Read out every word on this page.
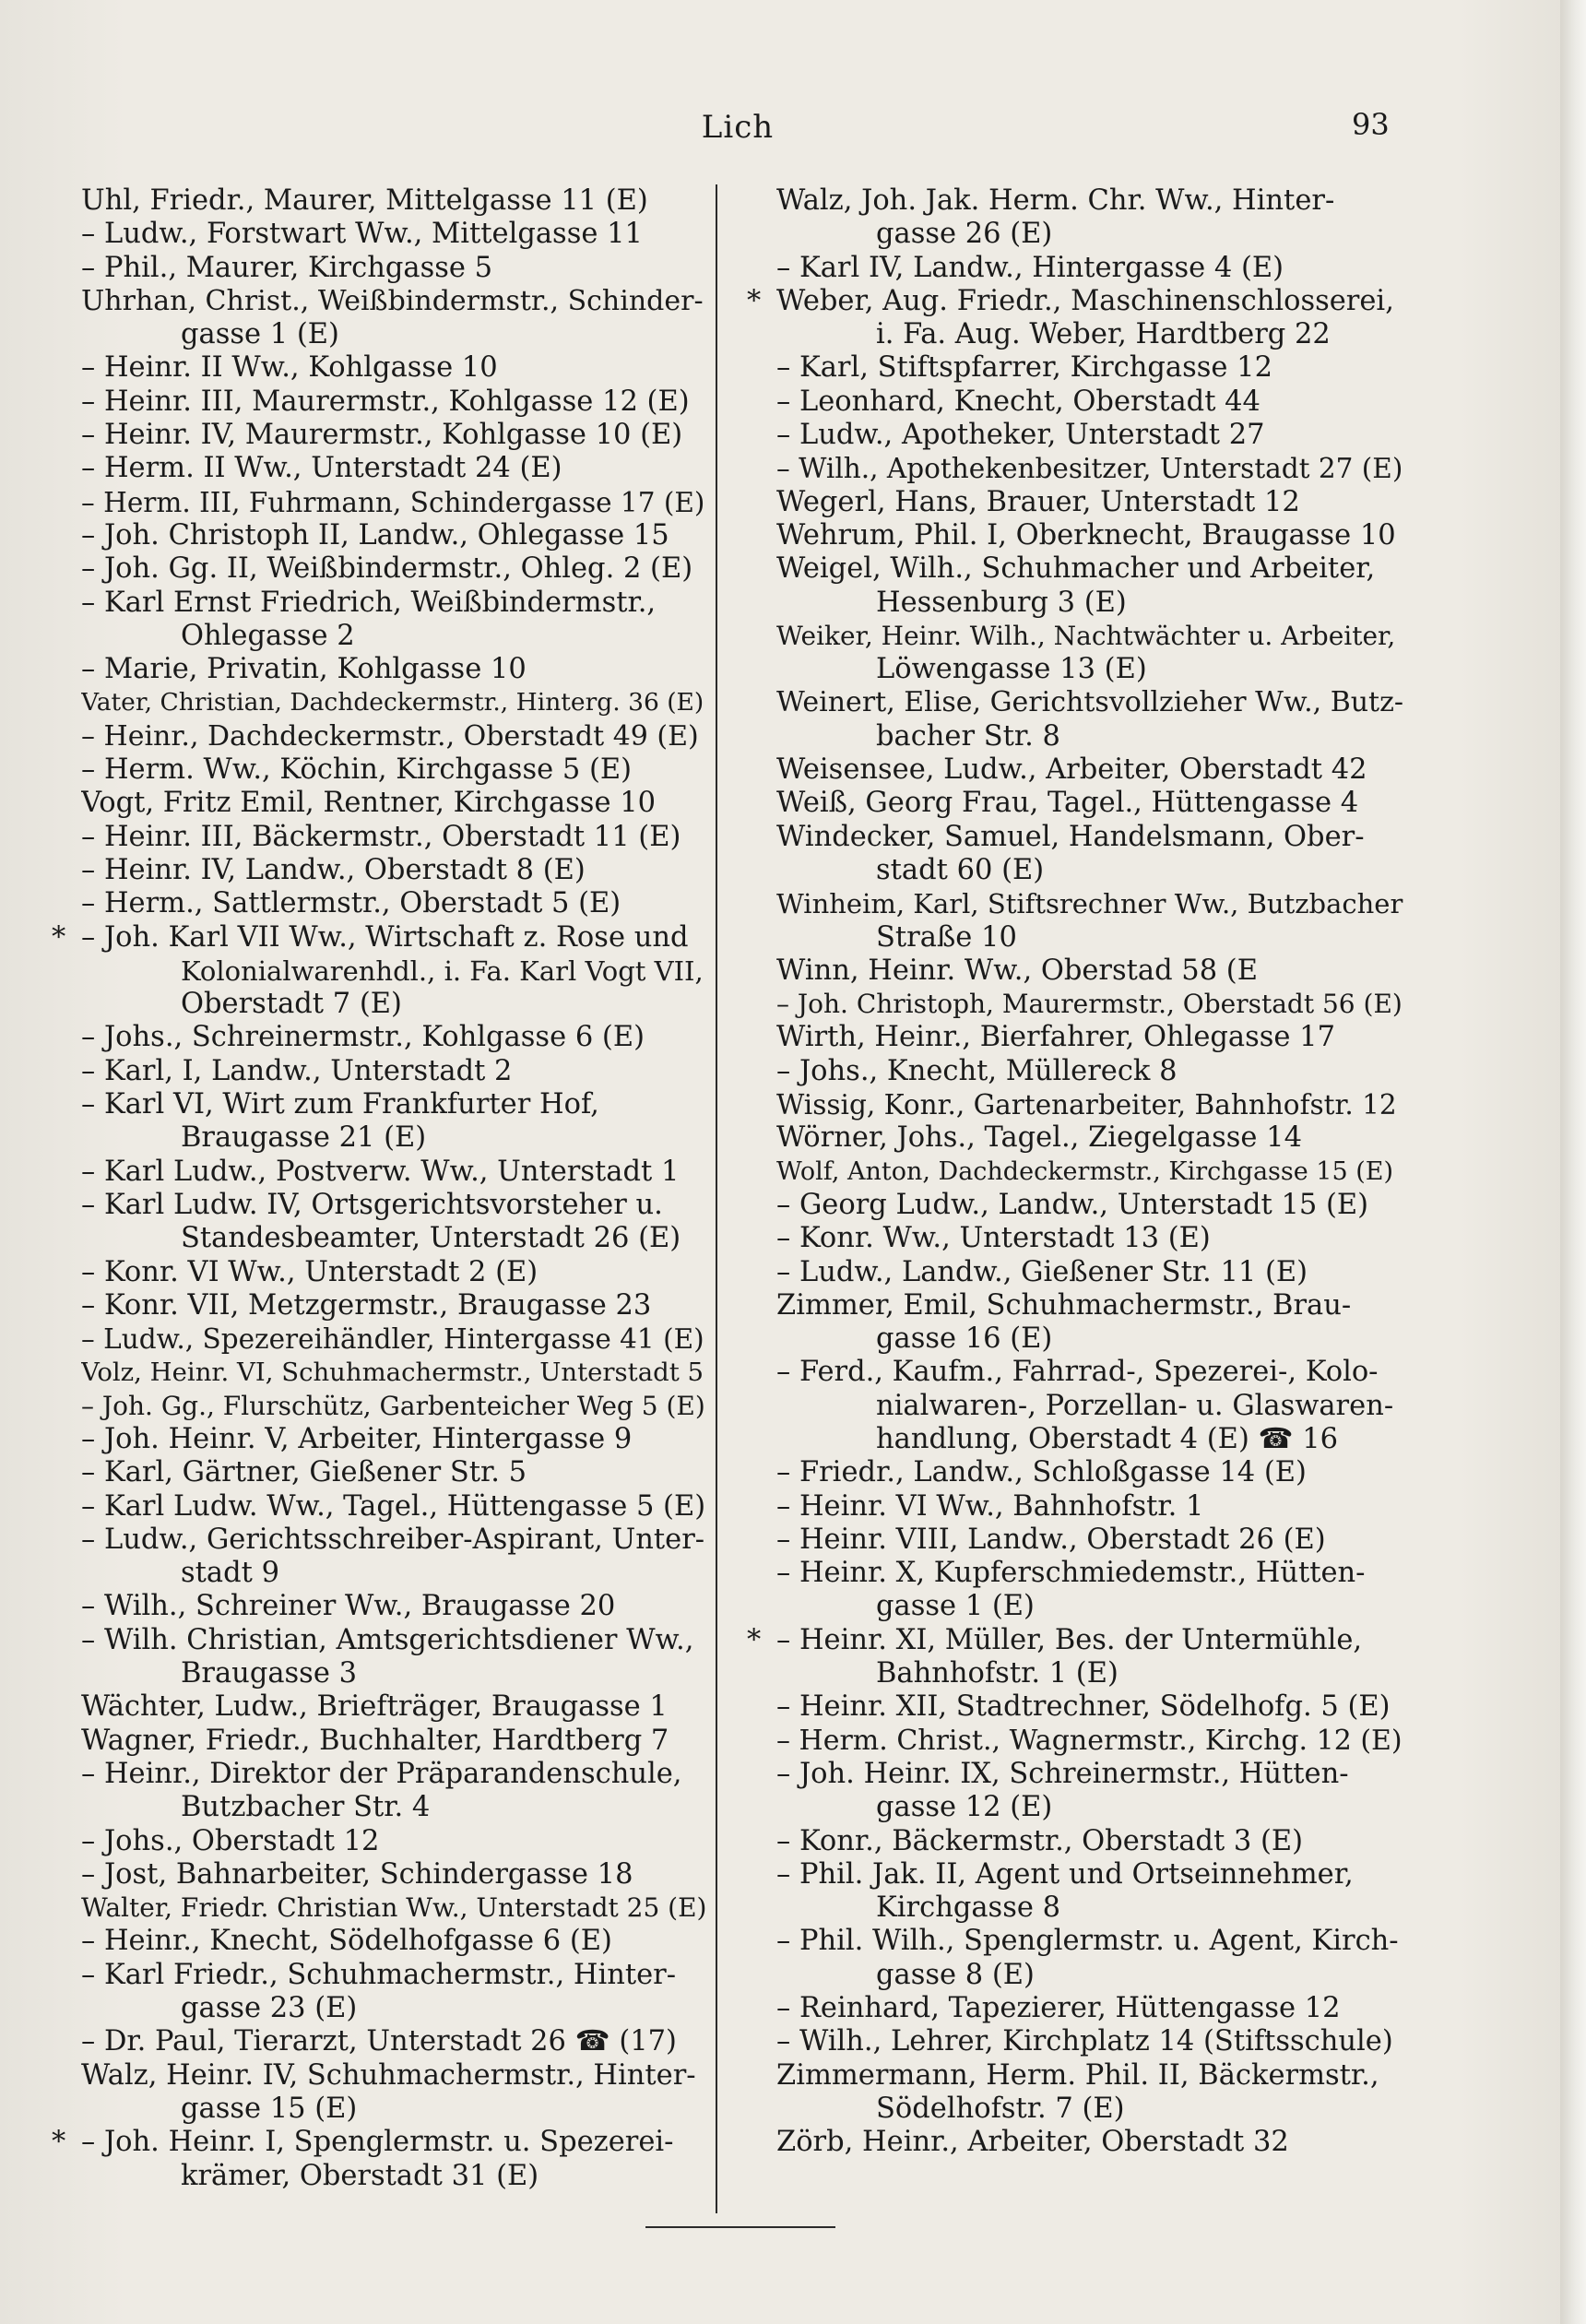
Lich	93
Uhl, Friedr., Maurer, Mittelgasse 11 (E)
– Ludw., Forstwart Ww., Mittelgasse 11
– Phil., Maurer, Kirchgasse 5
Uhrhan, Christ., Weißbindermstr., Schinder-
gasse 1 (E)
– Heinr. II Ww., Kohlgasse 10
– Heinr. III, Maurermstr., Kohlgasse 12 (E)
– Heinr. IV, Maurermstr., Kohlgasse 10 (E)
– Herm. II Ww., Unterstadt 24 (E)
– Herm. III, Fuhrmann, Schindergasse 17 (E)
– Joh. Christoph II, Landw., Ohlegasse 15
– Joh. Gg. II, Weißbindermstr., Ohleg. 2 (E)
– Karl Ernst Friedrich, Weißbindermstr.,
Ohlegasse 2
– Marie, Privatin, Kohlgasse 10
Vater, Christian, Dachdeckermstr., Hinterg. 36 (E)
– Heinr., Dachdeckermstr., Oberstadt 49 (E)
– Herm. Ww., Köchin, Kirchgasse 5 (E)
Vogt, Fritz Emil, Rentner, Kirchgasse 10
– Heinr. III, Bäckermstr., Oberstadt 11 (E)
– Heinr. IV, Landw., Oberstadt 8 (E)
– Herm., Sattlermstr., Oberstadt 5 (E)
* – Joh. Karl VII Ww., Wirtschaft z. Rose und
Kolonialwarenhdl., i. Fa. Karl Vogt VII,
Oberstadt 7 (E)
– Johs., Schreinermstr., Kohlgasse 6 (E)
– Karl, I, Landw., Unterstadt 2
– Karl VI, Wirt zum Frankfurter Hof,
Braugasse 21 (E)
– Karl Ludw., Postverw. Ww., Unterstadt 1
– Karl Ludw. IV, Ortsgerichtsvorsteher u.
Standesbeamter, Unterstadt 26 (E)
– Konr. VI Ww., Unterstadt 2 (E)
– Konr. VII, Metzgermstr., Braugasse 23
– Ludw., Spezereihändler, Hintergasse 41 (E)
Volz, Heinr. VI, Schuhmachermstr., Unterstadt 5
– Joh. Gg., Flurschütz, Garbenteicher Weg 5 (E)
– Joh. Heinr. V, Arbeiter, Hintergasse 9
– Karl, Gärtner, Gießener Str. 5
– Karl Ludw. Ww., Tagel., Hüttengasse 5 (E)
– Ludw., Gerichtsschreiber-Aspirant, Unter-
stadt 9
– Wilh., Schreiner Ww., Braugasse 20
– Wilh. Christian, Amtsgerichtsdiener Ww.,
Braugasse 3
Wächter, Ludw., Briefträger, Braugasse 1
Wagner, Friedr., Buchhalter, Hardtberg 7
– Heinr., Direktor der Präparandenschule,
Butzbacher Str. 4
– Johs., Oberstadt 12
– Jost, Bahnarbeiter, Schindergasse 18
Walter, Friedr. Christian Ww., Unterstadt 25 (E)
– Heinr., Knecht, Södelhofgasse 6 (E)
– Karl Friedr., Schuhmachermstr., Hinter-
gasse 23 (E)
– Dr. Paul, Tierarzt, Unterstadt 26 ☎ (17)
Walz, Heinr. IV, Schuhmachermstr., Hinter-
gasse 15 (E)
* – Joh. Heinr. I, Spenglermstr. u. Spezerei-
krämer, Oberstadt 31 (E)
Walz, Joh. Jak. Herm. Chr. Ww., Hinter-
gasse 26 (E)
– Karl IV, Landw., Hintergasse 4 (E)
* Weber, Aug. Friedr., Maschinenschlosserei,
i. Fa. Aug. Weber, Hardtberg 22
– Karl, Stiftspfarrer, Kirchgasse 12
– Leonhard, Knecht, Oberstadt 44
– Ludw., Apotheker, Unterstadt 27
– Wilh., Apothekenbesitzer, Unterstadt 27 (E)
Wegerl, Hans, Brauer, Unterstadt 12
Wehrum, Phil. I, Oberknecht, Braugasse 10
Weigel, Wilh., Schuhmacher und Arbeiter,
Hessenburg 3 (E)
Weiker, Heinr. Wilh., Nachtwächter u. Arbeiter,
Löwengasse 13 (E)
Weinert, Elise, Gerichtsvollzieher Ww., Butz-
bacher Str. 8
Weisensee, Ludw., Arbeiter, Oberstadt 42
Weiß, Georg Frau, Tagel., Hüttengasse 4
Windecker, Samuel, Handelsmann, Ober-
stadt 60 (E)
Winheim, Karl, Stiftsrechner Ww., Butzbacher
Straße 10
Winn, Heinr. Ww., Oberstad 58 (E
– Joh. Christoph, Maurermstr., Oberstadt 56 (E)
Wirth, Heinr., Bierfahrer, Ohlegasse 17
– Johs., Knecht, Müllereck 8
Wissig, Konr., Gartenarbeiter, Bahnhofstr. 12
Wörner, Johs., Tagel., Ziegelgasse 14
Wolf, Anton, Dachdeckermstr., Kirchgasse 15 (E)
– Georg Ludw., Landw., Unterstadt 15 (E)
– Konr. Ww., Unterstadt 13 (E)
– Ludw., Landw., Gießener Str. 11 (E)
Zimmer, Emil, Schuhmachermstr., Brau-
gasse 16 (E)
– Ferd., Kaufm., Fahrrad-, Spezerei-, Kolo-
nialwaren-, Porzellan- u. Glaswaren-
handlung, Oberstadt 4 (E) ☎ 16
– Friedr., Landw., Schloßgasse 14 (E)
– Heinr. VI Ww., Bahnhofstr. 1
– Heinr. VIII, Landw., Oberstadt 26 (E)
– Heinr. X, Kupferschmiedemstr., Hütten-
gasse 1 (E)
* – Heinr. XI, Müller, Bes. der Untermühle,
Bahnhofstr. 1 (E)
– Heinr. XII, Stadtrechner, Södelhofg. 5 (E)
– Herm. Christ., Wagnermstr., Kirchg. 12 (E)
– Joh. Heinr. IX, Schreinermstr., Hütten-
gasse 12 (E)
– Konr., Bäckermstr., Oberstadt 3 (E)
– Phil. Jak. II, Agent und Ortseinnehmer,
Kirchgasse 8
– Phil. Wilh., Spenglermstr. u. Agent, Kirch-
gasse 8 (E)
– Reinhard, Tapezierer, Hüttengasse 12
– Wilh., Lehrer, Kirchplatz 14 (Stiftsschule)
Zimmermann, Herm. Phil. II, Bäckermstr.,
Södelhofstr. 7 (E)
Zörb, Heinr., Arbeiter, Oberstadt 32
